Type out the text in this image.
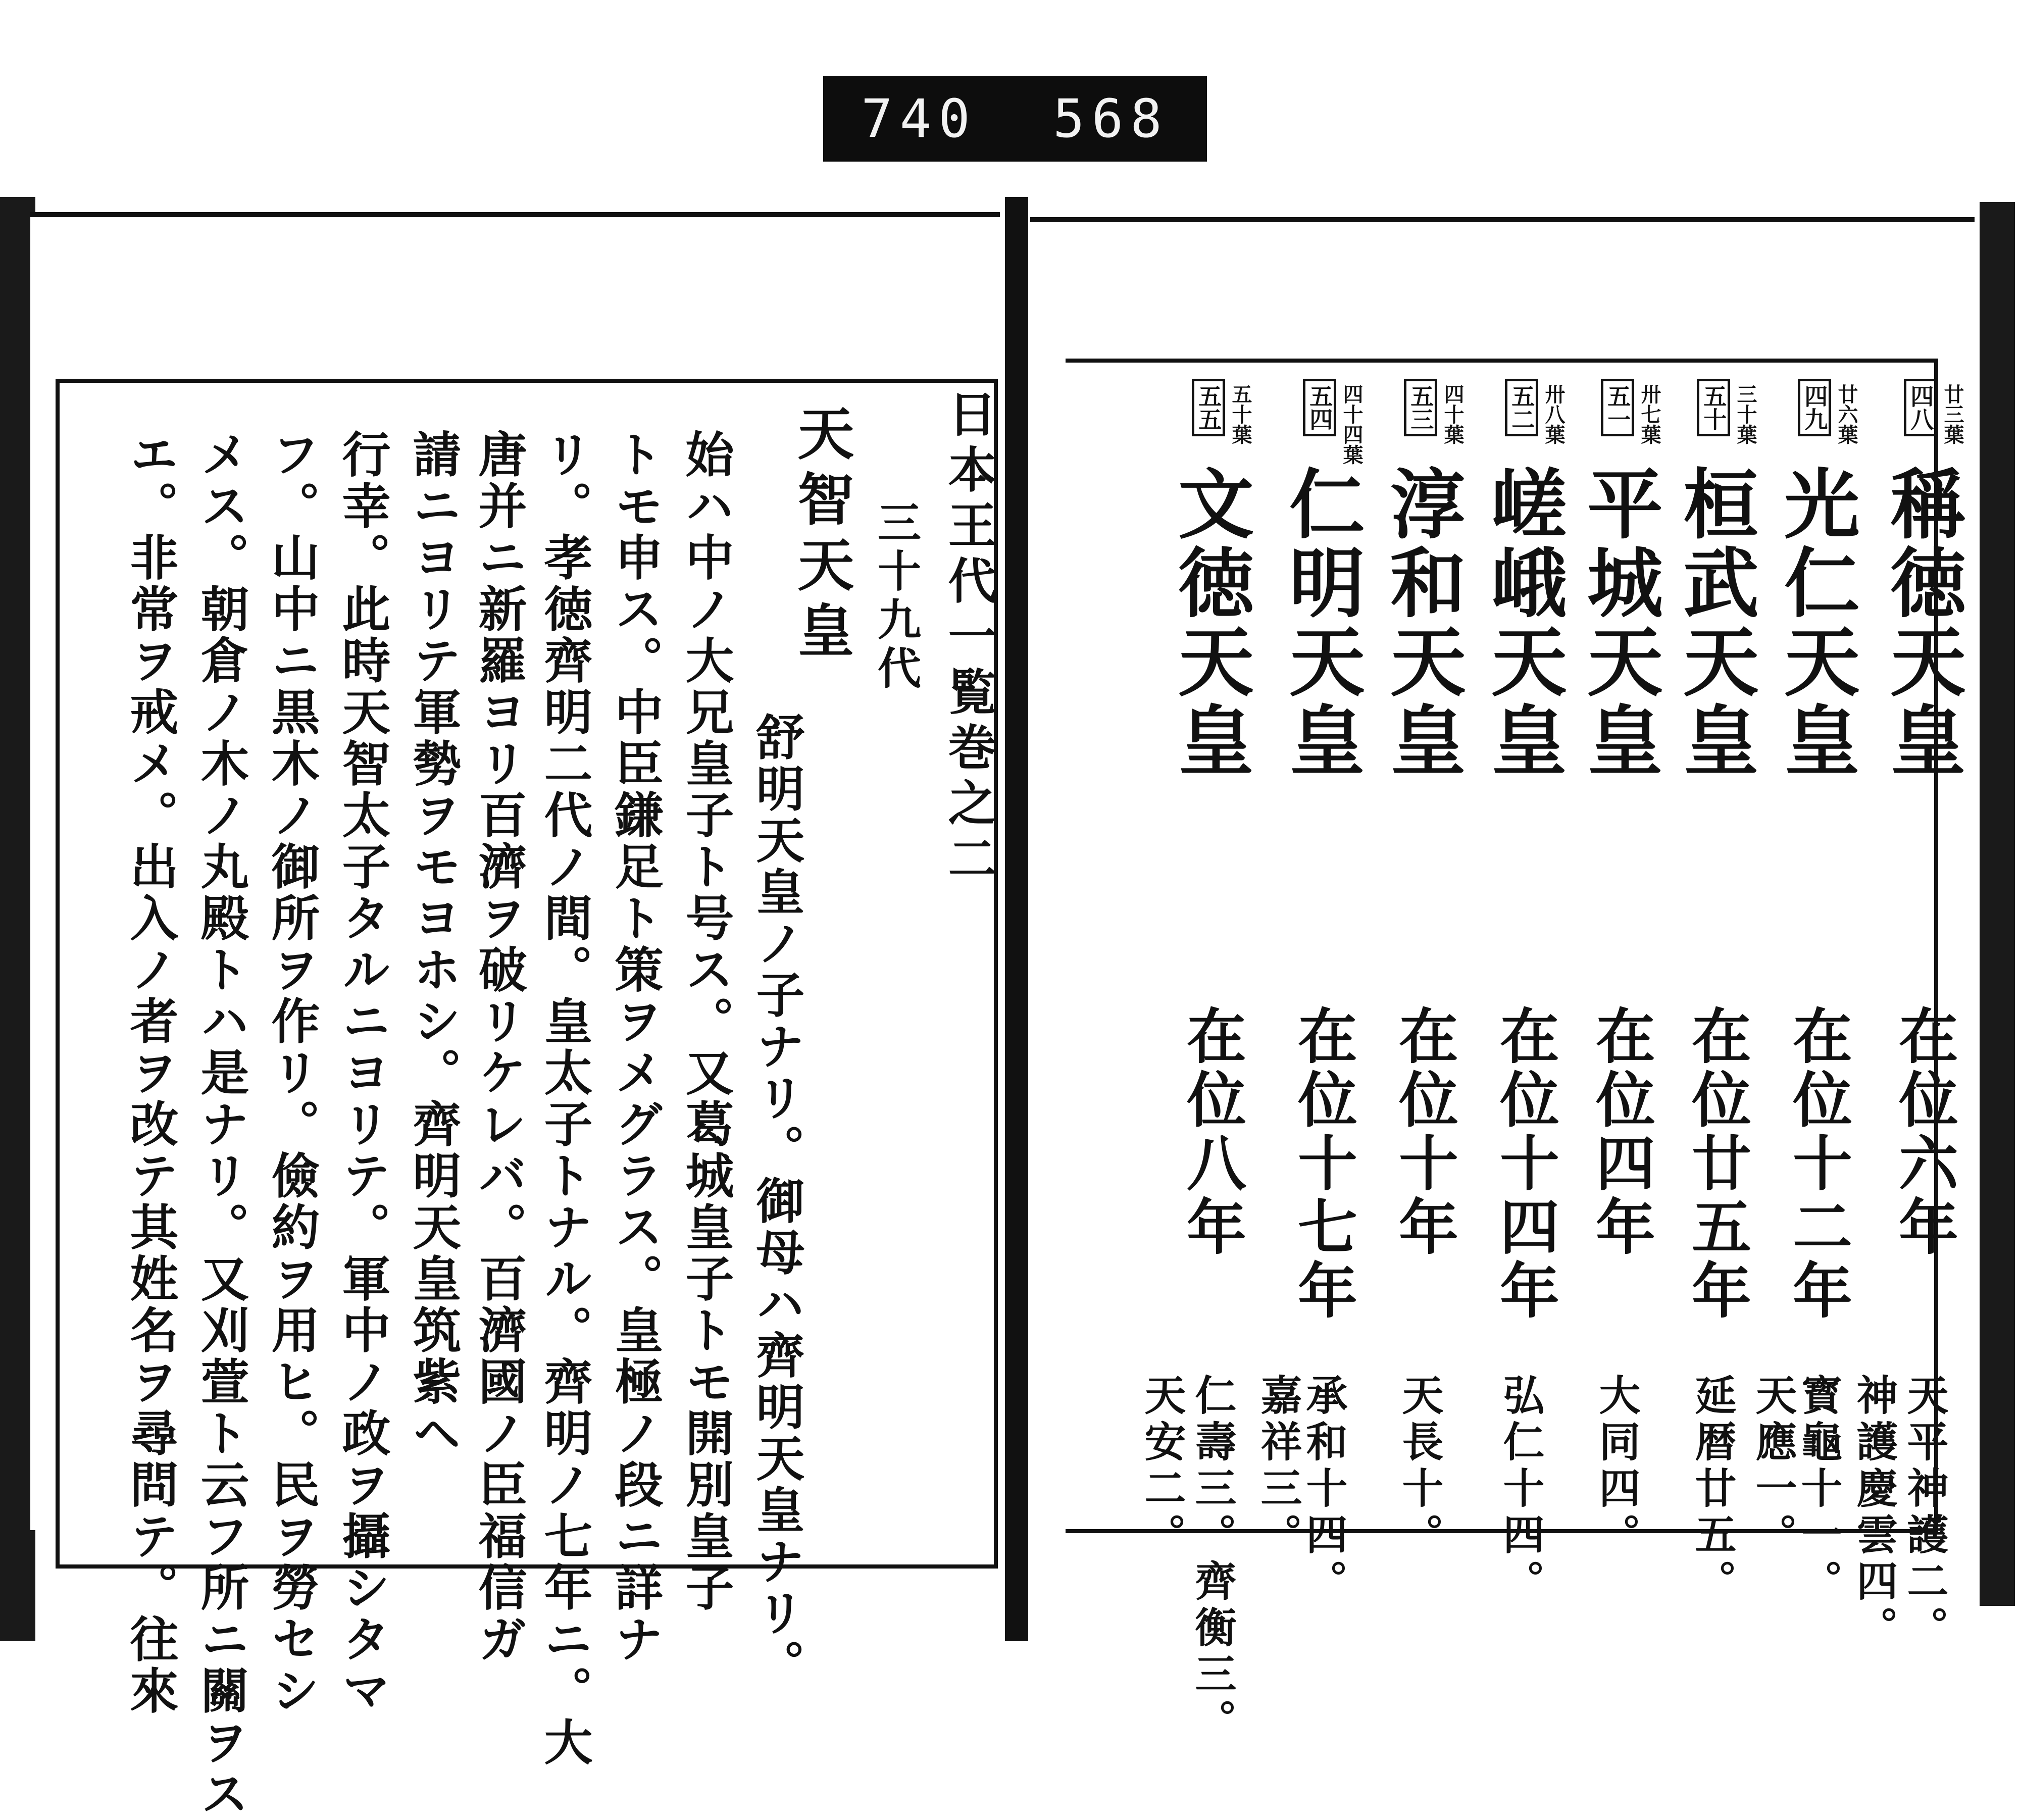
740 568
日本王代一覧巻之二
三十九代
天智天皇
舒明天皇ノ子ナリ。御母ハ齊明天皇ナリ。
始ハ中ノ大兄皇子ト号ス。又葛城皇子トモ開別皇子
トモ申ス。中臣鎌足ト策ヲメグラス。皇極ノ段ニ詳ナ
リ。孝徳齊明二代ノ間。皇太子トナル。齊明ノ七年ニ。大
唐并ニ新羅ヨリ百濟ヲ破リケレバ。百濟國ノ臣福信ガ
請ニヨリテ軍勢ヲモヨホシ。齊明天皇筑紫ヘ
行幸。此時天智太子タルニヨリテ。軍中ノ政ヲ攝シタマ
フ。山中ニ黒木ノ御所ヲ作リ。儉約ヲ用ヒ。民ヲ勞セシ
メス。朝倉ノ木ノ丸殿トハ是ナリ。又刈萱ト云フ所ニ關ヲス
エ。非常ヲ戒メ。出入ノ者ヲ改テ其姓名ヲ尋問テ。往來
廿三葉
四八
稱徳天皇
在位六年
天平神護二。
神護慶雲四。
廿六葉
四九
光仁天皇
在位十二年
寳龜十一。
天應一。
三十葉
五十
桓武天皇
在位廿五年
延暦廿五。
卅七葉
五一
平城天皇
在位四年
大同四。
卅八葉
五二
嵯峨天皇
在位十四年
弘仁十四。
四十葉
五三
淳和天皇
在位十年
天長十。
四十四葉
五四
仁明天皇
在位十七年
承和十四。
嘉祥三。
五十葉
五五
文徳天皇
在位八年
仁壽三。齊衡三。
天安二。
